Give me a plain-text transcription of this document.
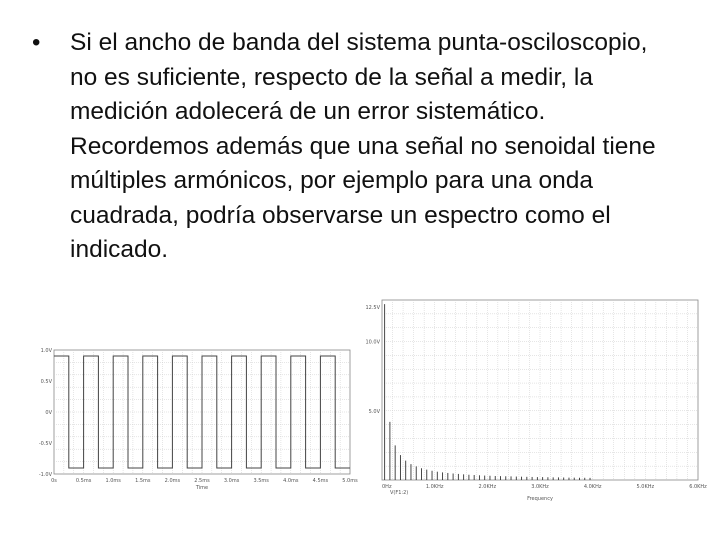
• Si el ancho de banda del sistema punta-osciloscopio, no es suficiente, respecto de la señal a medir, la medición adolecerá de un error sistemático. Recordemos además que una señal no senoidal tiene múltiples armónicos, por ejemplo para una onda cuadrada, podría observarse un espectro como el indicado.
1.0V
0.5V
0V
-0.5V
-1.0V
0s	0.5ms	1.0ms	1.5ms	2.0ms	2.5ms	3.0ms	3.5ms	4.0ms	4.5ms	5.0ms
Time
12.5V
10.0V
5.0V
0Hz	1.0KHz	2.0KHz	3.0KHz	4.0KHz	5.0KHz	6.0KHz
V(F1:2)
Frequency
